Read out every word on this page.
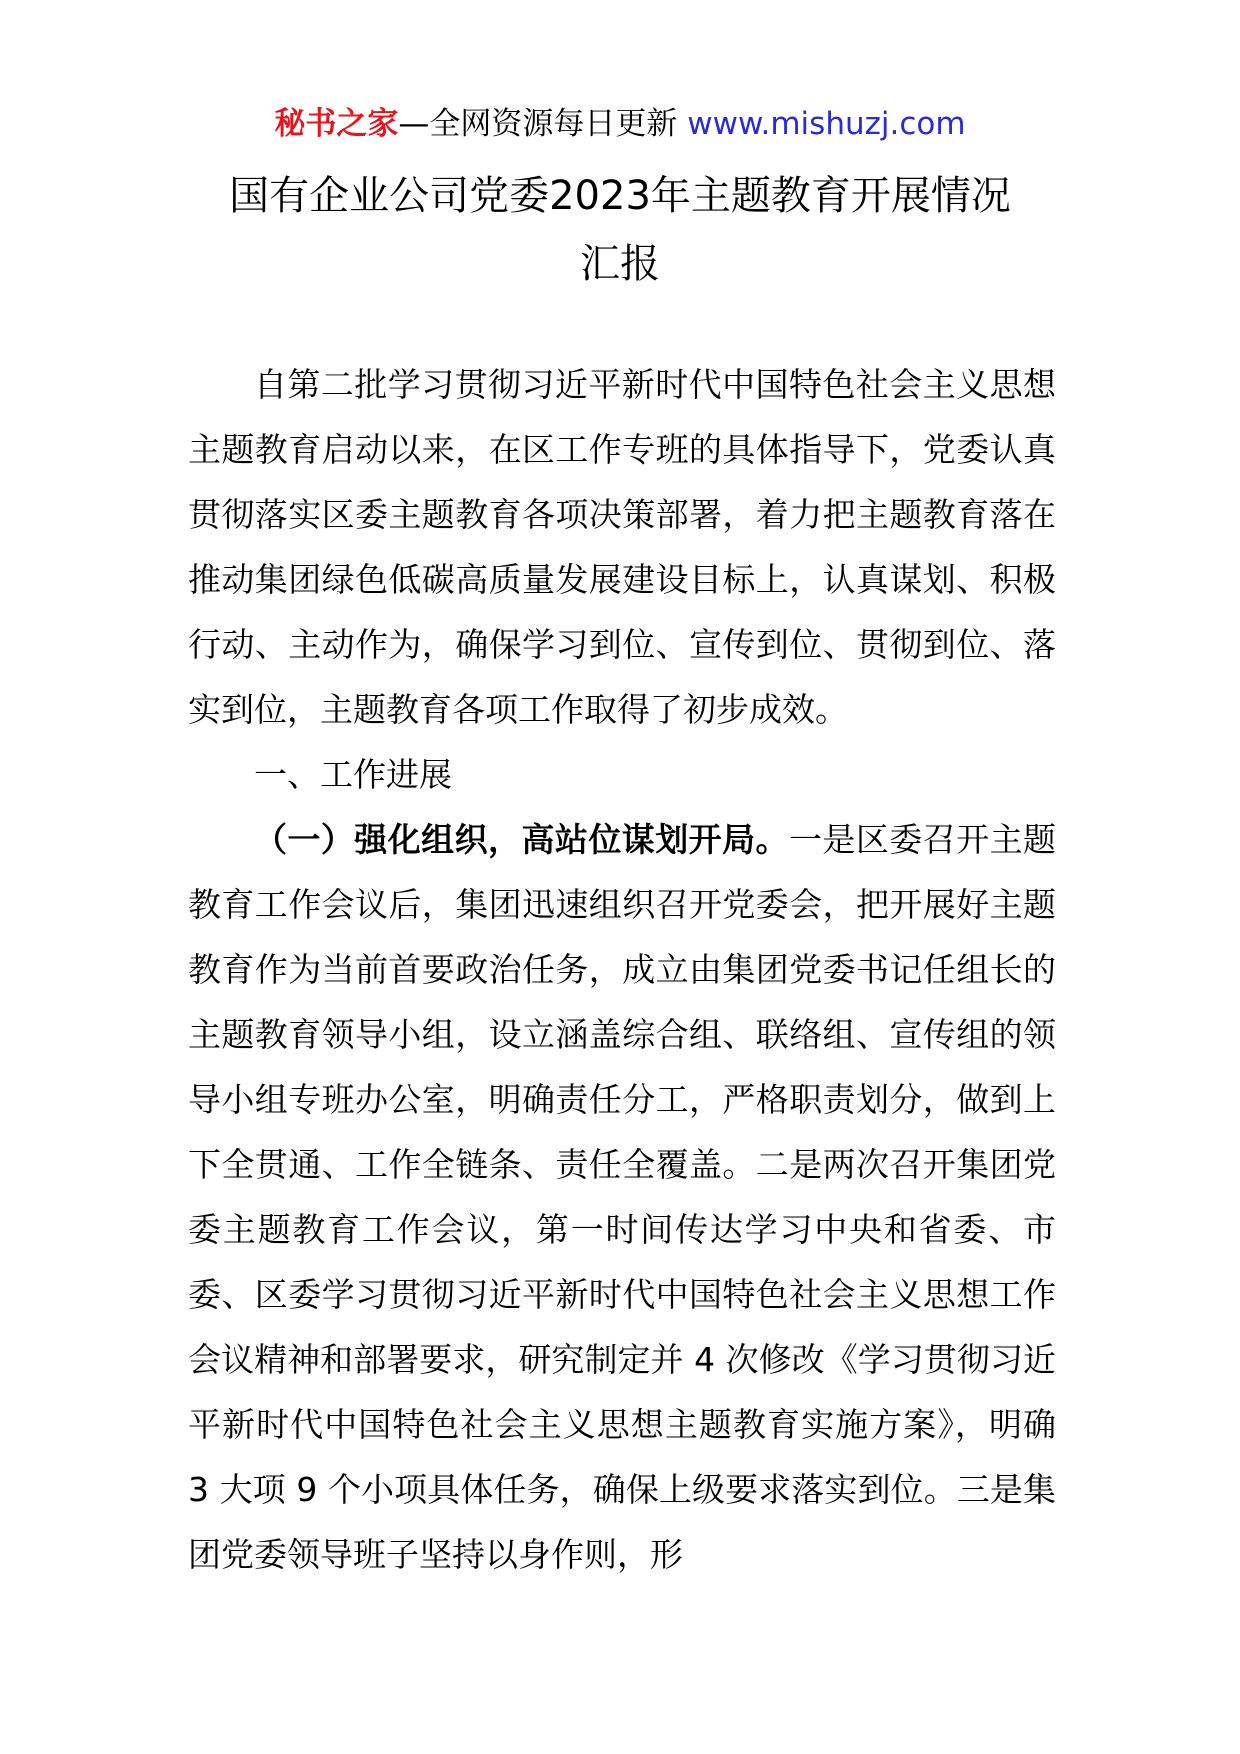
秘书之家—全网资源每日更新 www.mishuzj.com
国有企业公司党委2023年主题教育开展情况
汇报

自第二批学习贯彻习近平新时代中国特色社会主义思想主题教育启动以来，在区工作专班的具体指导下，党委认真贯彻落实区委主题教育各项决策部署，着力把主题教育落在推动集团绿色低碳高质量发展建设目标上，认真谋划、积极行动、主动作为，确保学习到位、宣传到位、贯彻到位、落实到位，主题教育各项工作取得了初步成效。

一、工作进展

（一）强化组织，高站位谋划开局。一是区委召开主题教育工作会议后，集团迅速组织召开党委会，把开展好主题教育作为当前首要政治任务，成立由集团党委书记任组长的主题教育领导小组，设立涵盖综合组、联络组、宣传组的领导小组专班办公室，明确责任分工，严格职责划分，做到上下全贯通、工作全链条、责任全覆盖。二是两次召开集团党委主题教育工作会议，第一时间传达学习中央和省委、市委、区委学习贯彻习近平新时代中国特色社会主义思想工作会议精神和部署要求，研究制定并 4 次修改《学习贯彻习近平新时代中国特色社会主义思想主题教育实施方案》，明确 3 大项 9 个小项具体任务，确保上级要求落实到位。三是集团党委领导班子坚持以身作则，形
